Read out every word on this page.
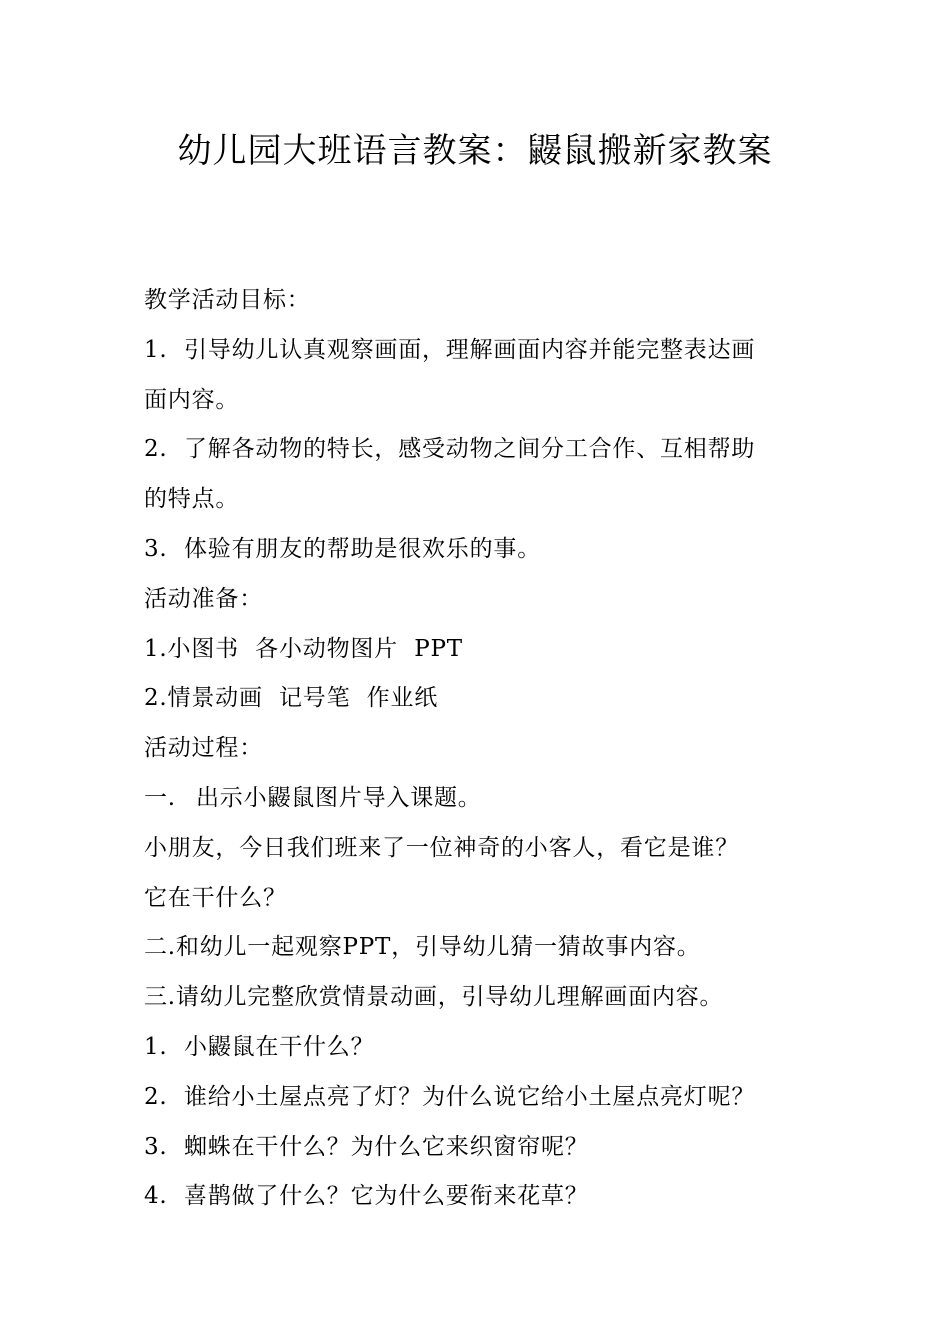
幼儿园大班语言教案：鼹鼠搬新家教案
教学活动目标：
1. 引导幼儿认真观察画面，理解画面内容并能完整表达画
面内容。
2. 了解各动物的特长，感受动物之间分工合作、互相帮助
的特点。
3. 体验有朋友的帮助是很欢乐的事。
活动准备：
1.小图书  各小动物图片  PPT
2.情景动画  记号笔  作业纸
活动过程：
一. 出示小鼹鼠图片导入课题。
小朋友，今日我们班来了一位神奇的小客人，看它是谁？
它在干什么？
二.和幼儿一起观察PPT，引导幼儿猜一猜故事内容。
三.请幼儿完整欣赏情景动画，引导幼儿理解画面内容。
1. 小鼹鼠在干什么？
2. 谁给小土屋点亮了灯？为什么说它给小土屋点亮灯呢？
3. 蜘蛛在干什么？为什么它来织窗帘呢？
4. 喜鹊做了什么？它为什么要衔来花草？
